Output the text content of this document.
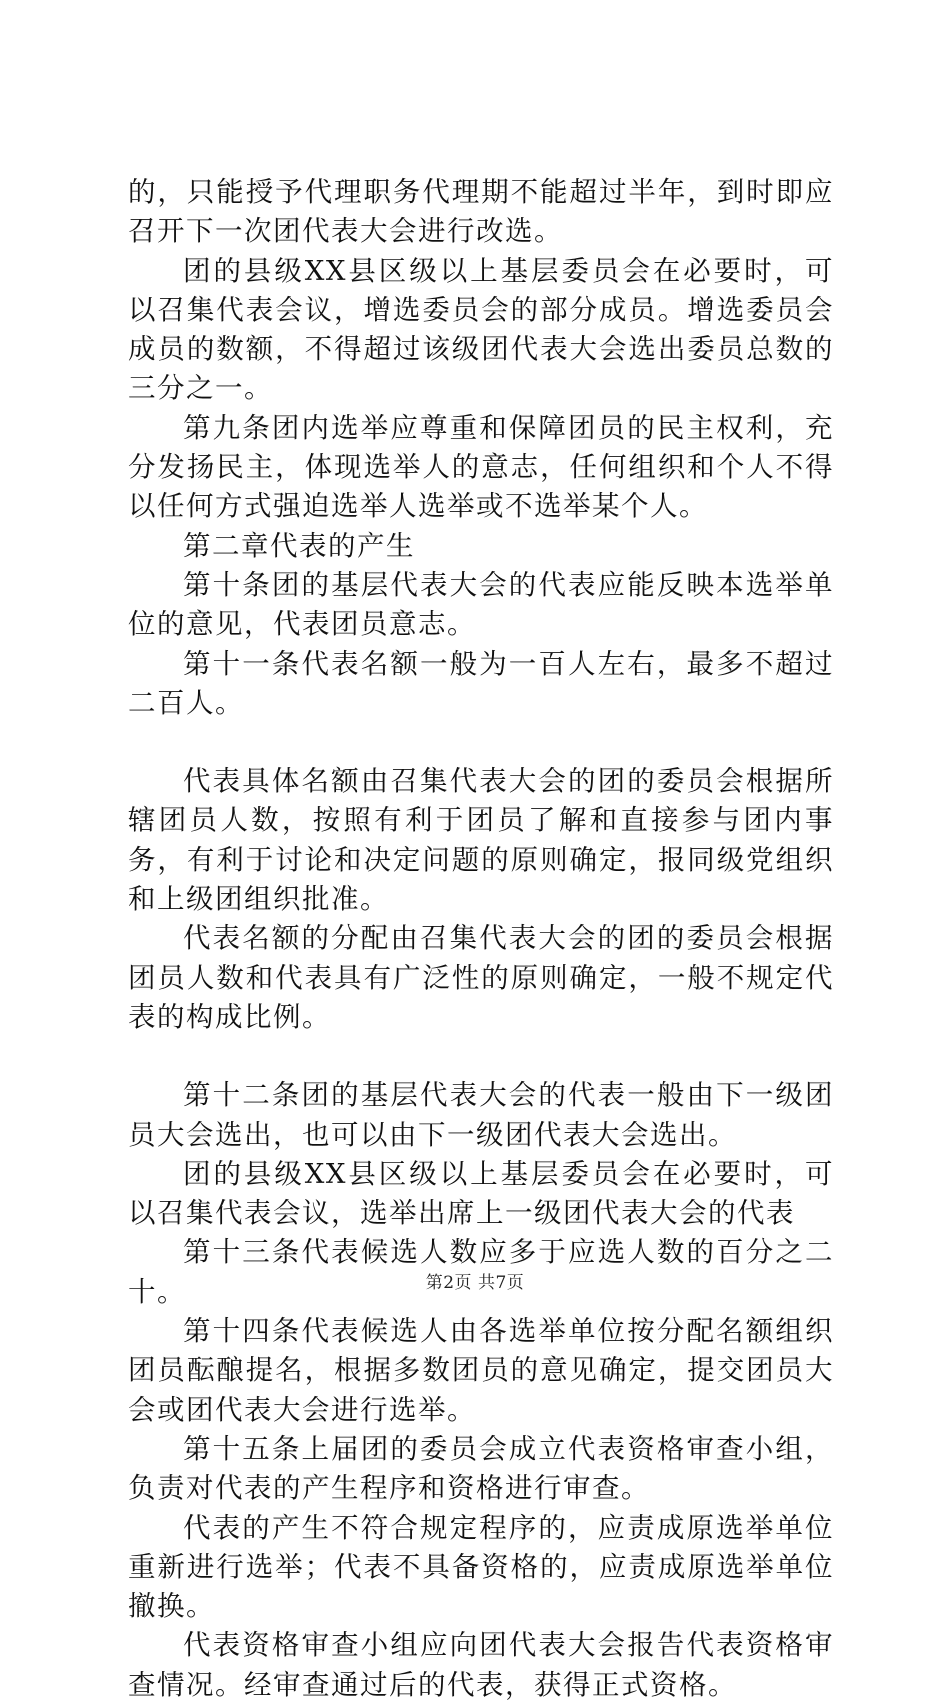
的，只能授予代理职务代理期不能超过半年，到时即应召开下一次团代表大会进行改选。

团的县级XX县区级以上基层委员会在必要时，可以召集代表会议，增选委员会的部分成员。增选委员会成员的数额，不得超过该级团代表大会选出委员总数的三分之一。

第九条团内选举应尊重和保障团员的民主权利，充分发扬民主，体现选举人的意志，任何组织和个人不得以任何方式强迫选举人选举或不选举某个人。

第二章代表的产生

第十条团的基层代表大会的代表应能反映本选举单位的意见，代表团员意志。

第十一条代表名额一般为一百人左右，最多不超过二百人。

代表具体名额由召集代表大会的团的委员会根据所辖团员人数，按照有利于团员了解和直接参与团内事务，有利于讨论和决定问题的原则确定，报同级党组织和上级团组织批准。

代表名额的分配由召集代表大会的团的委员会根据团员人数和代表具有广泛性的原则确定，一般不规定代表的构成比例。

第十二条团的基层代表大会的代表一般由下一级团员大会选出，也可以由下一级团代表大会选出。

团的县级XX县区级以上基层委员会在必要时，可以召集代表会议，选举出席上一级团代表大会的代表

第十三条代表候选人数应多于应选人数的百分之二十。

第十四条代表候选人由各选举单位按分配名额组织团员酝酿提名，根据多数团员的意见确定，提交团员大会或团代表大会进行选举。

第十五条上届团的委员会成立代表资格审查小组，负责对代表的产生程序和资格进行审查。

代表的产生不符合规定程序的，应责成原选举单位重新进行选举；代表不具备资格的，应责成原选举单位撤换。

代表资格审查小组应向团代表大会报告代表资格审查情况。经审查通过后的代表，获得正式资格。

第2页 共7页
